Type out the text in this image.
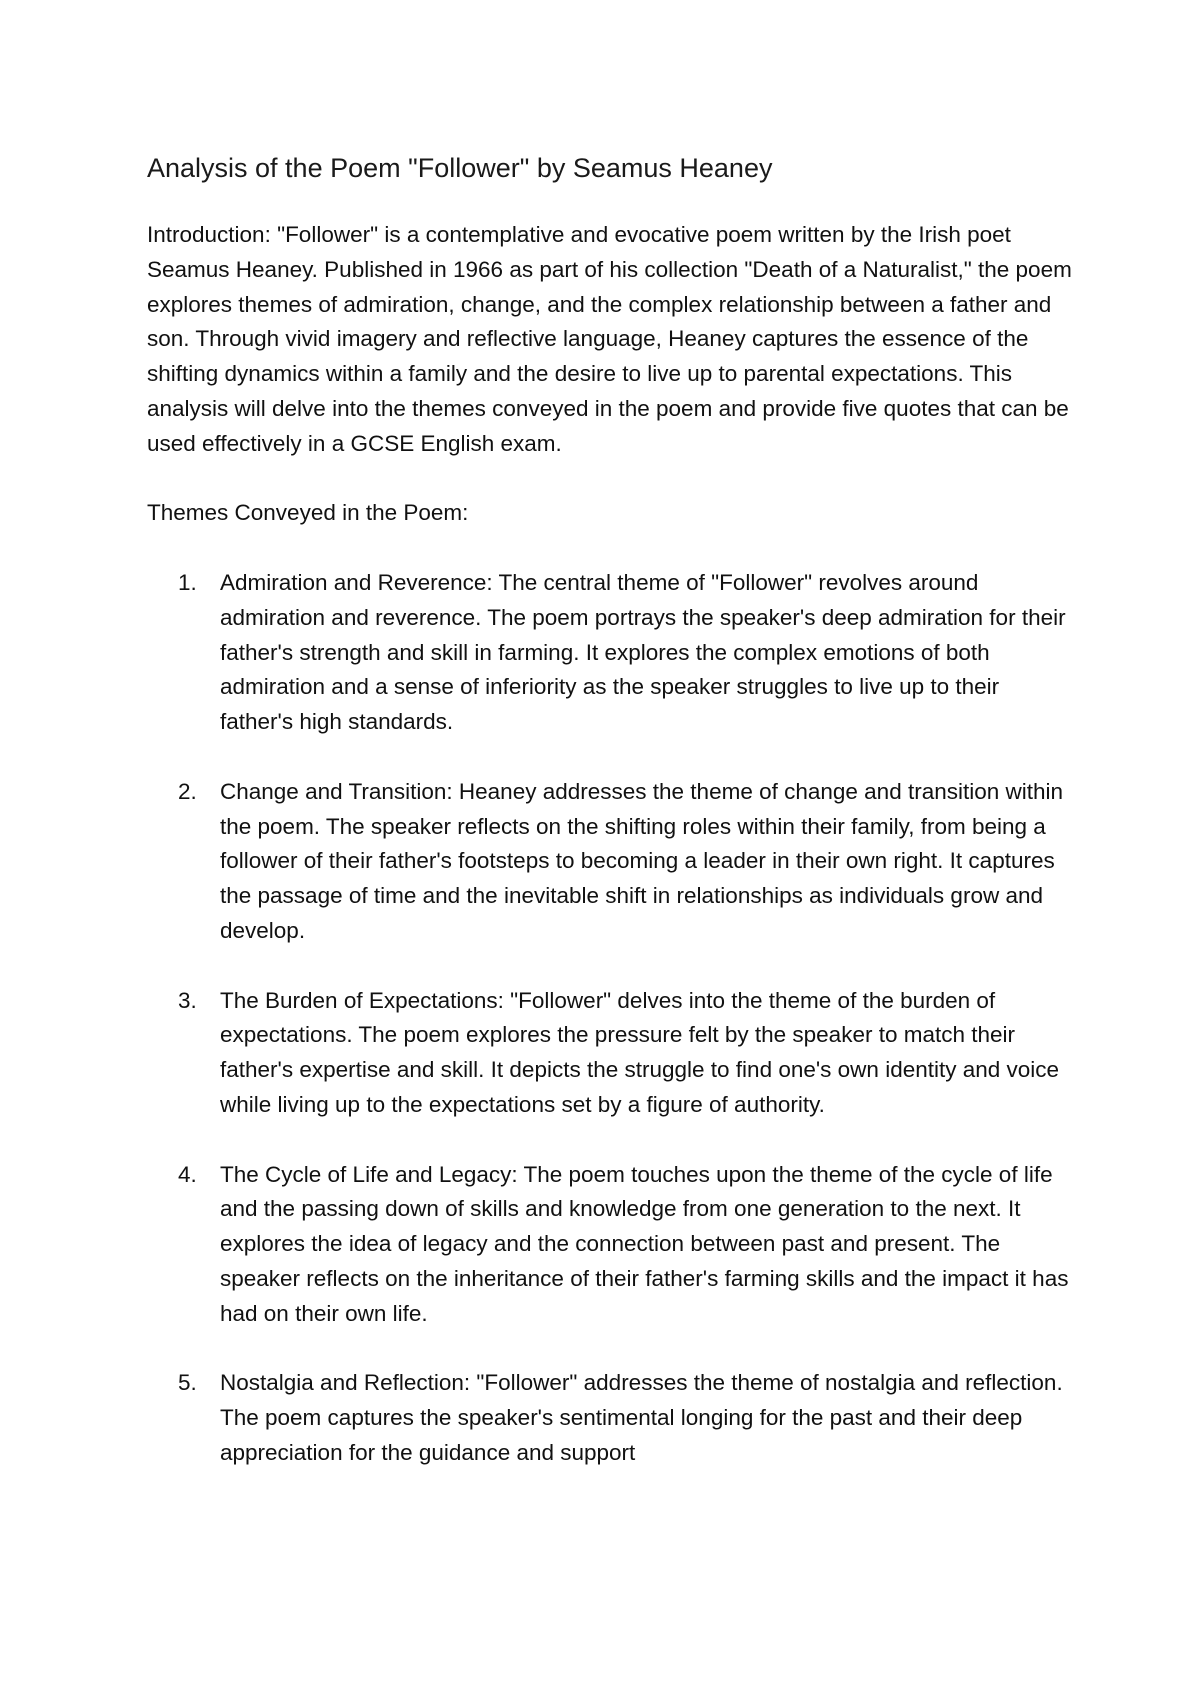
Analysis of the Poem "Follower" by Seamus Heaney

Introduction: "Follower" is a contemplative and evocative poem written by the Irish poet Seamus Heaney. Published in 1966 as part of his collection "Death of a Naturalist," the poem explores themes of admiration, change, and the complex relationship between a father and son. Through vivid imagery and reflective language, Heaney captures the essence of the shifting dynamics within a family and the desire to live up to parental expectations. This analysis will delve into the themes conveyed in the poem and provide five quotes that can be used effectively in a GCSE English exam.

Themes Conveyed in the Poem:

1. Admiration and Reverence: The central theme of "Follower" revolves around admiration and reverence. The poem portrays the speaker's deep admiration for their father's strength and skill in farming. It explores the complex emotions of both admiration and a sense of inferiority as the speaker struggles to live up to their father's high standards.
2. Change and Transition: Heaney addresses the theme of change and transition within the poem. The speaker reflects on the shifting roles within their family, from being a follower of their father's footsteps to becoming a leader in their own right. It captures the passage of time and the inevitable shift in relationships as individuals grow and develop.
3. The Burden of Expectations: "Follower" delves into the theme of the burden of expectations. The poem explores the pressure felt by the speaker to match their father's expertise and skill. It depicts the struggle to find one's own identity and voice while living up to the expectations set by a figure of authority.
4. The Cycle of Life and Legacy: The poem touches upon the theme of the cycle of life and the passing down of skills and knowledge from one generation to the next. It explores the idea of legacy and the connection between past and present. The speaker reflects on the inheritance of their father's farming skills and the impact it has had on their own life.
5. Nostalgia and Reflection: "Follower" addresses the theme of nostalgia and reflection. The poem captures the speaker's sentimental longing for the past and their deep appreciation for the guidance and support
